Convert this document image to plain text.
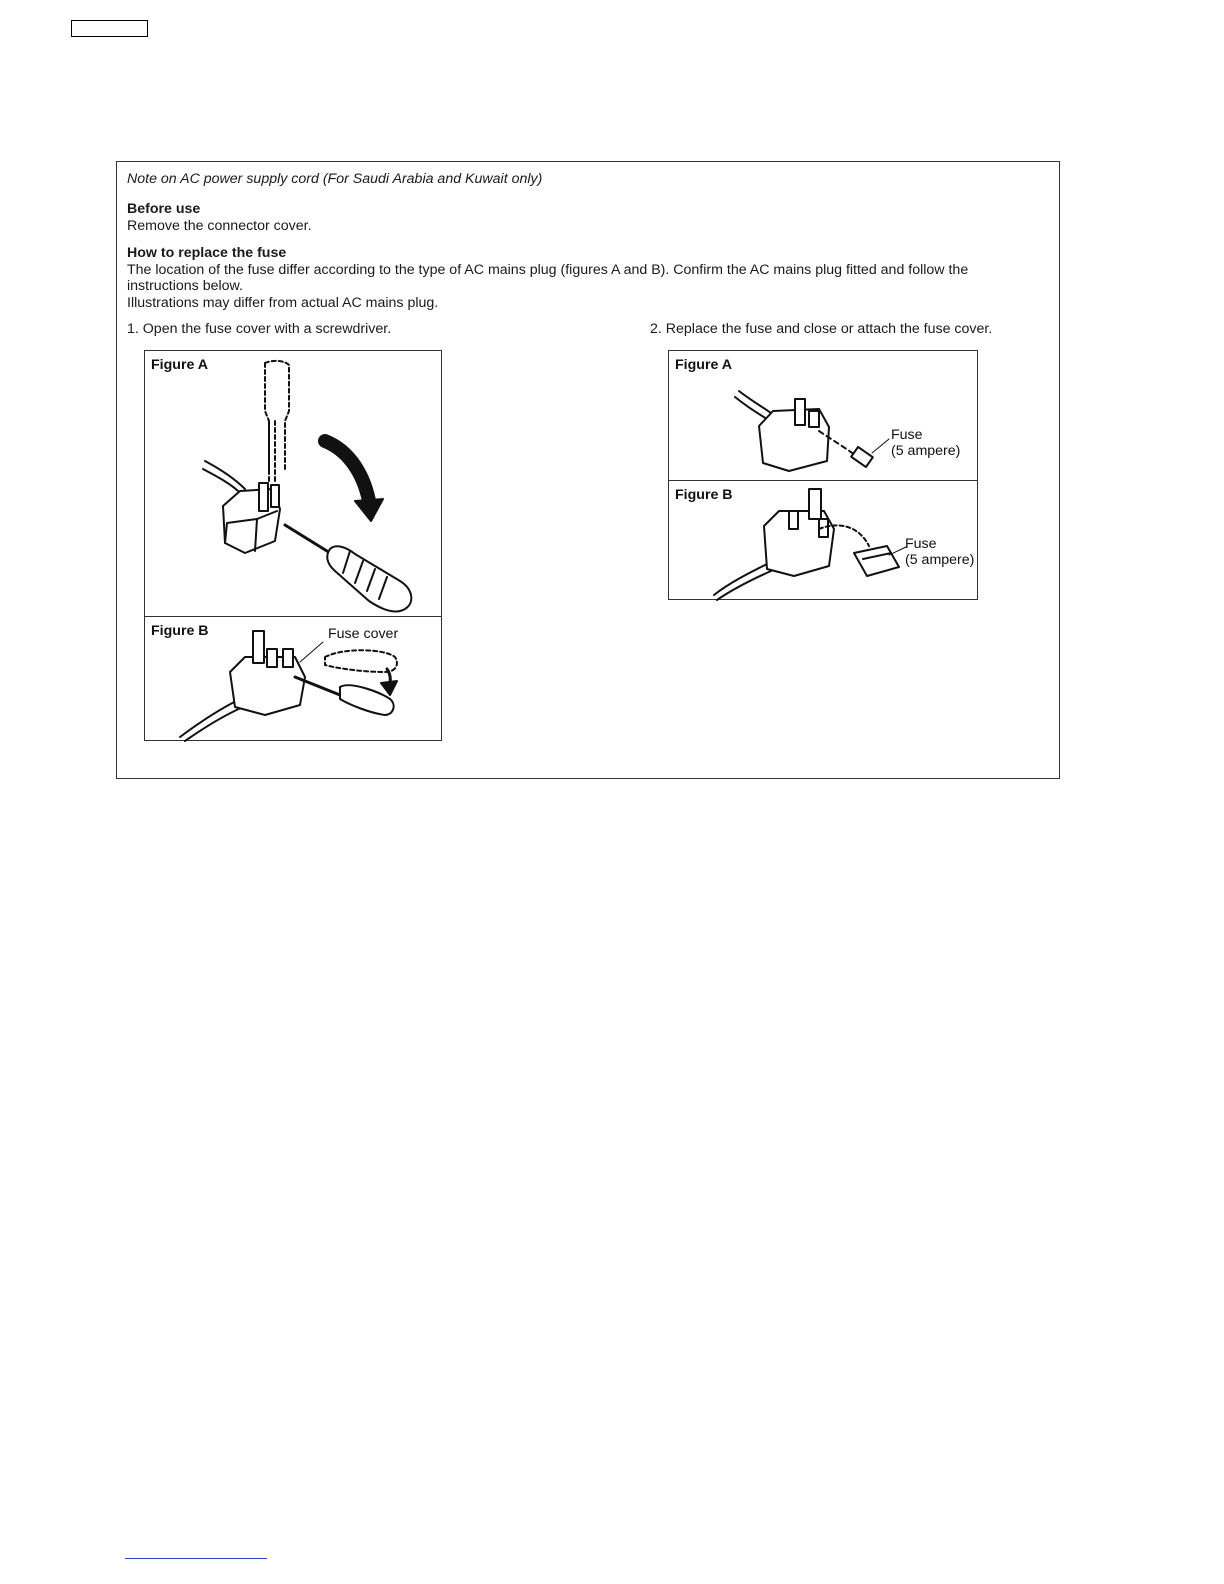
Note on AC power supply cord (For Saudi Arabia and Kuwait only)
Before use
Remove the connector cover.
How to replace the fuse
The location of the fuse differ according to the type of AC mains plug (figures A and B). Confirm the AC mains plug fitted and follow the
instructions below.
Illustrations may differ from actual AC mains plug.
1. Open the fuse cover with a screwdriver.	2. Replace the fuse and close or attach the fuse cover.
Figure A
Figure B	Fuse cover
Figure A
Fuse
(5 ampere)
Figure B
Fuse
(5 ampere)
